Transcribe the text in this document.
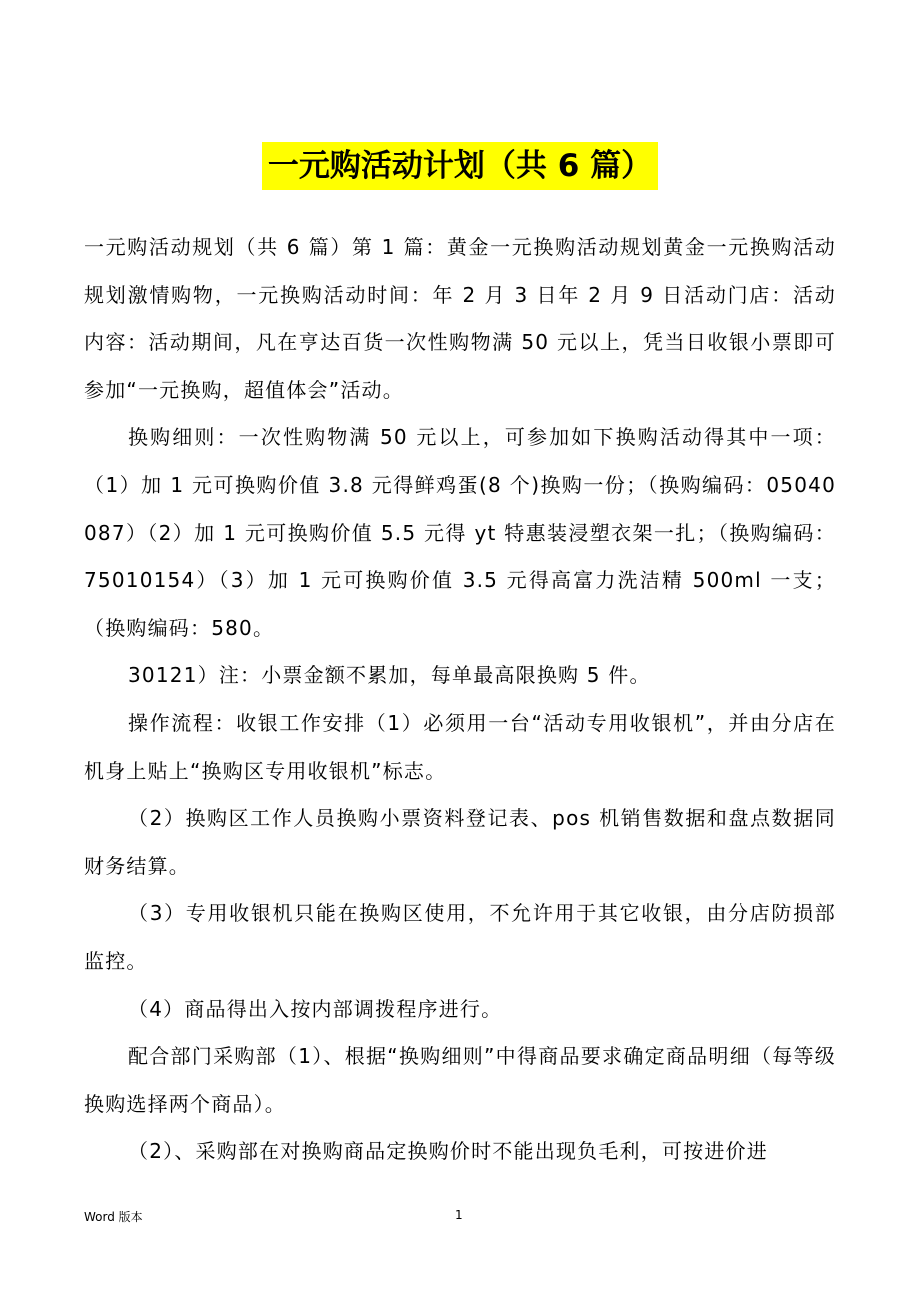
一元购活动计划（共 6 篇）

一元购活动规划（共 6 篇）第 1 篇：黄金一元换购活动规划黄金一元换购活动规划激情购物，一元换购活动时间：年 2 月 3 日年 2 月 9 日活动门店：活动内容：活动期间，凡在亨达百货一次性购物满 50 元以上，凭当日收银小票即可参加“一元换购，超值体会”活动。

换购细则：一次性购物满 50 元以上，可参加如下换购活动得其中一项：（1）加 1 元可换购价值 3.8 元得鲜鸡蛋(8 个)换购一份；（换购编码：05040087）（2）加 1 元可换购价值 5.5 元得 yt 特惠装浸塑衣架一扎；（换购编码：75010154）（3）加 1 元可换购价值 3.5 元得高富力洗洁精 500ml 一支；（换购编码：580。

30121）注：小票金额不累加，每单最高限换购 5 件。

操作流程：收银工作安排（1）必须用一台“活动专用收银机”，并由分店在机身上贴上“换购区专用收银机”标志。

（2）换购区工作人员换购小票资料登记表、pos 机销售数据和盘点数据同财务结算。

（3）专用收银机只能在换购区使用，不允许用于其它收银，由分店防损部监控。

（4）商品得出入按内部调拨程序进行。

配合部门采购部（1）、根据“换购细则”中得商品要求确定商品明细（每等级换购选择两个商品）。

（2）、采购部在对换购商品定换购价时不能出现负毛利，可按进价进

Word 版本	1
